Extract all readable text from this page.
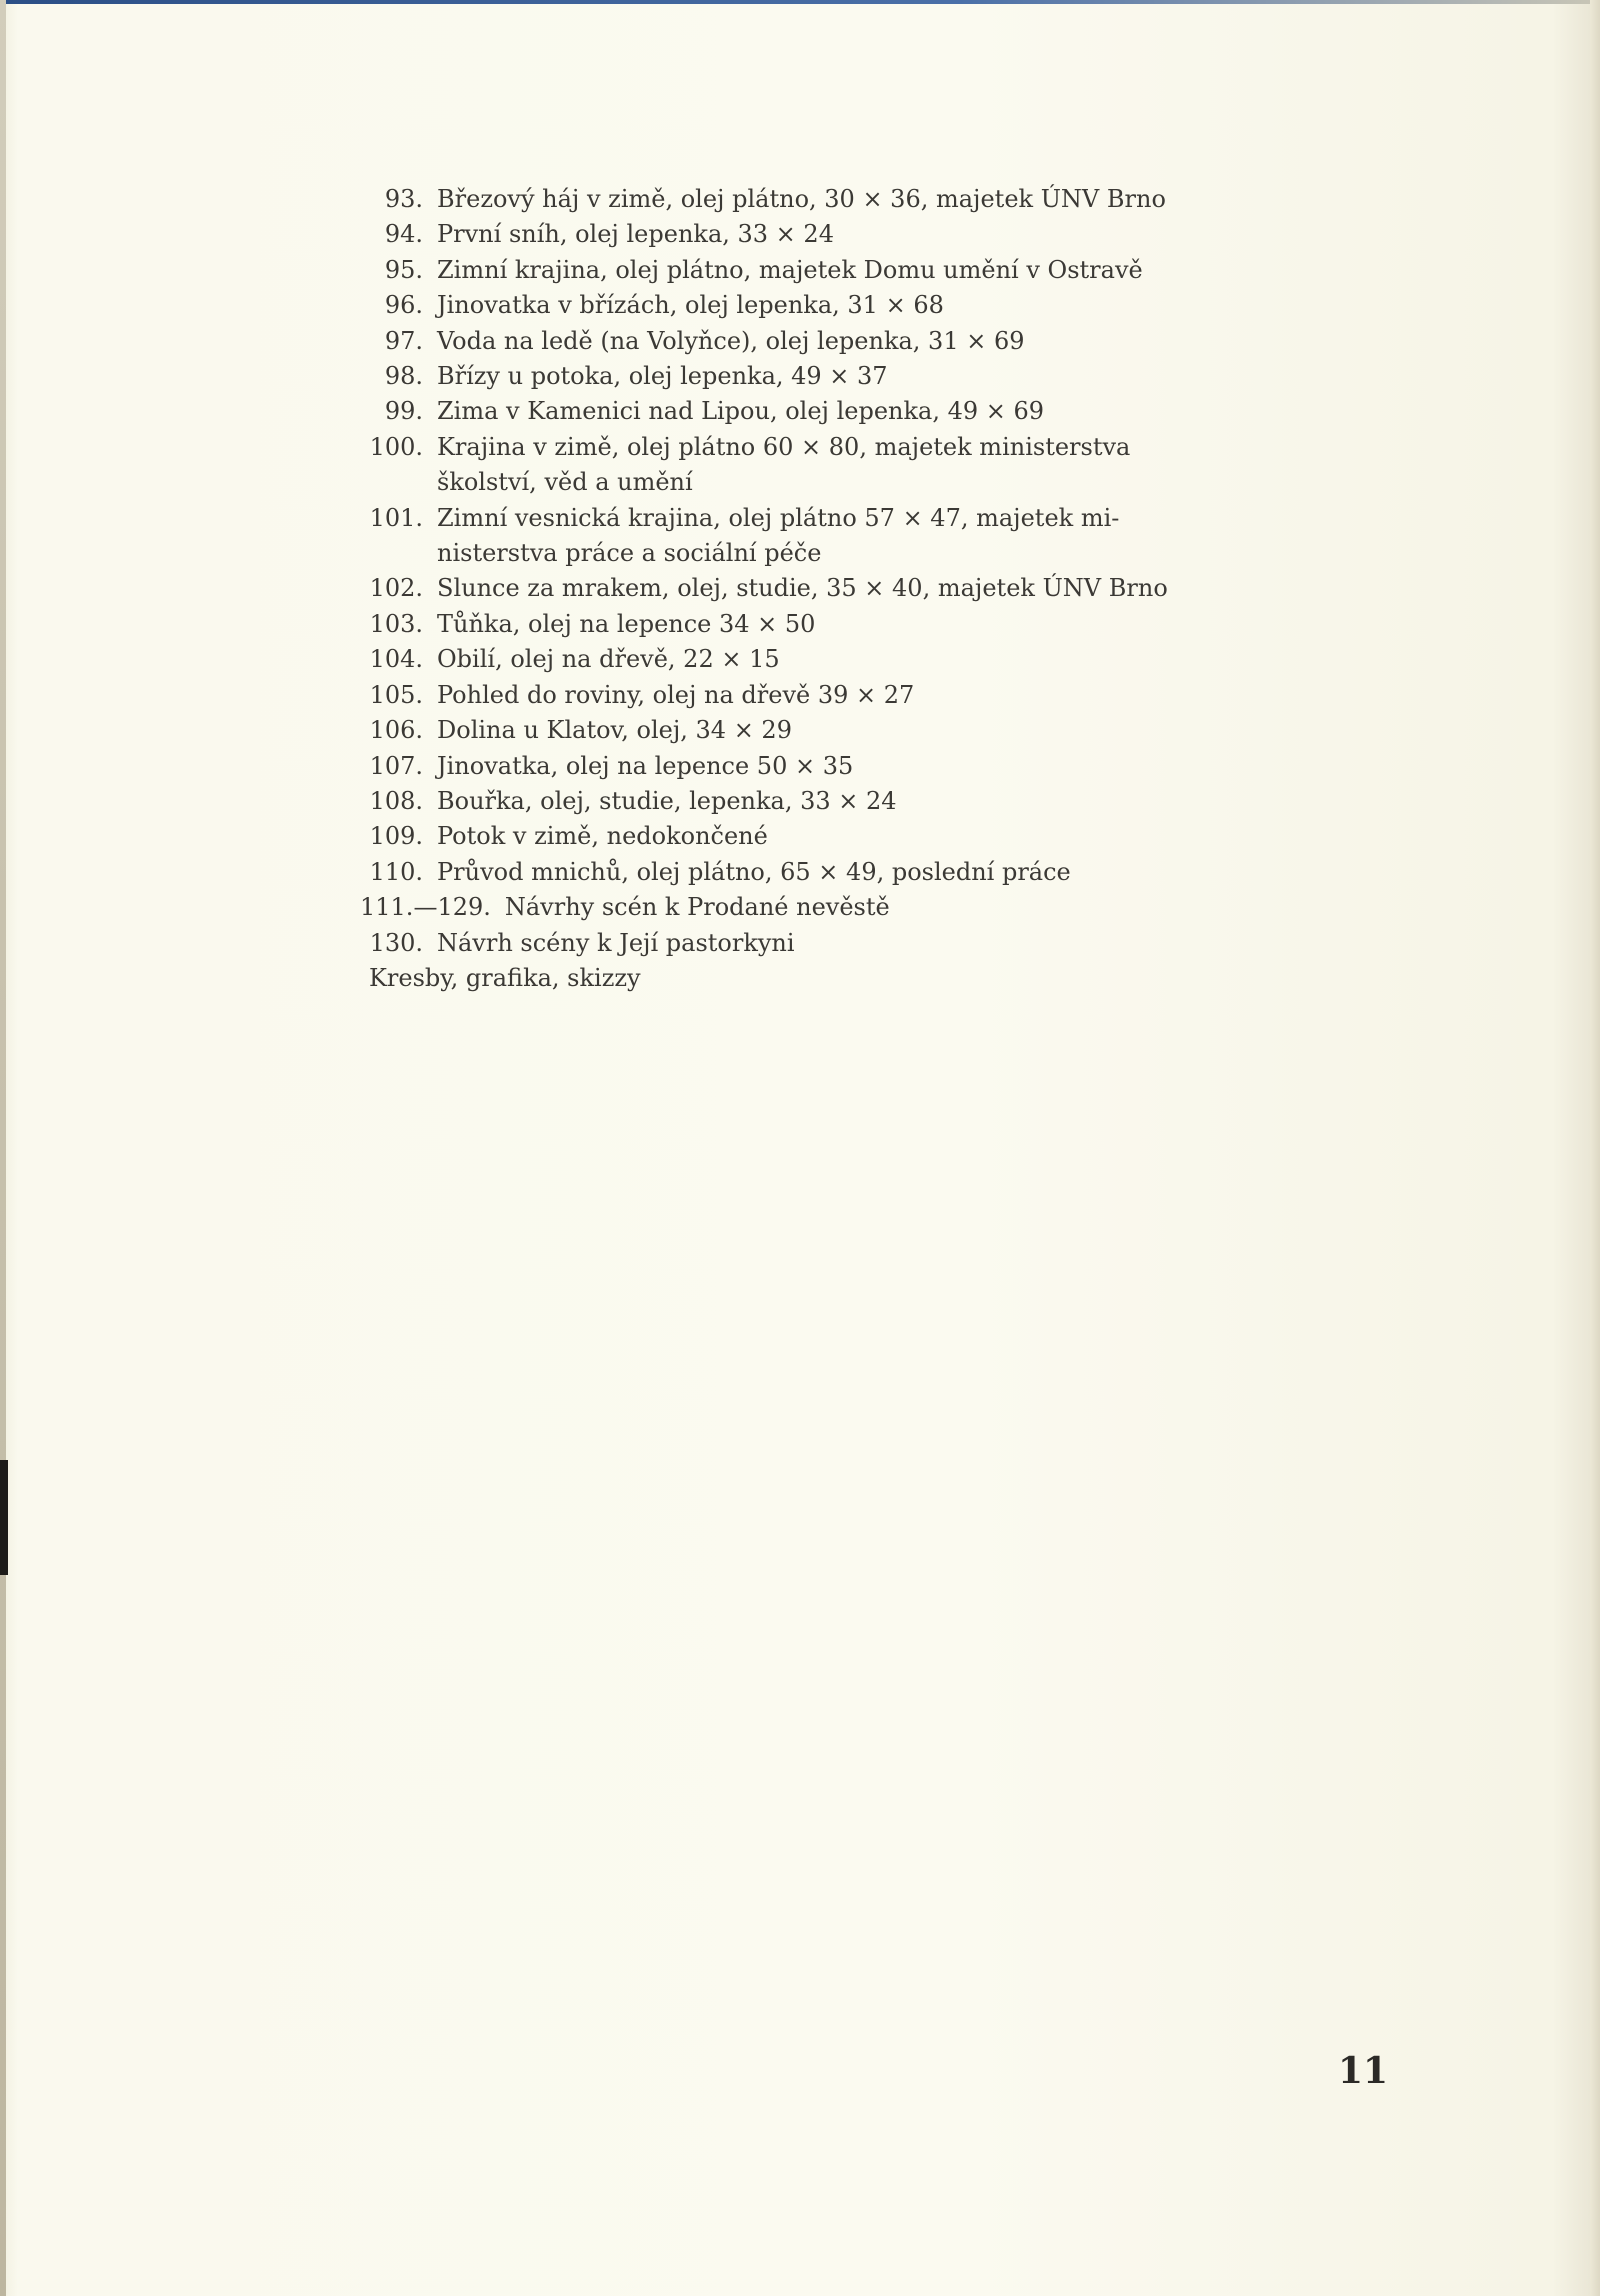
93. Březový háj v zimě, olej plátno, 30 × 36, majetek ÚNV Brno
94. První sníh, olej lepenka, 33 × 24
95. Zimní krajina, olej plátno, majetek Domu umění v Ostravě
96. Jinovatka v břízách, olej lepenka, 31 × 68
97. Voda na ledě (na Volyňce), olej lepenka, 31 × 69
98. Břízy u potoka, olej lepenka, 49 × 37
99. Zima v Kamenici nad Lipou, olej lepenka, 49 × 69
100. Krajina v zimě, olej plátno 60 × 80, majetek ministerstva
školství, věd a umění
101. Zimní vesnická krajina, olej plátno 57 × 47, majetek mi-
nisterstva práce a sociální péče
102. Slunce za mrakem, olej, studie, 35 × 40, majetek ÚNV Brno
103. Tůňka, olej na lepence 34 × 50
104. Obilí, olej na dřevě, 22 × 15
105. Pohled do roviny, olej na dřevě 39 × 27
106. Dolina u Klatov, olej, 34 × 29
107. Jinovatka, olej na lepence 50 × 35
108. Bouřka, olej, studie, lepenka, 33 × 24
109. Potok v zimě, nedokončené
110. Průvod mnichů, olej plátno, 65 × 49, poslední práce
111.—129. Návrhy scén k Prodané nevěstě
130. Návrh scény k Její pastorkyni
Kresby, grafika, skizzy
11
